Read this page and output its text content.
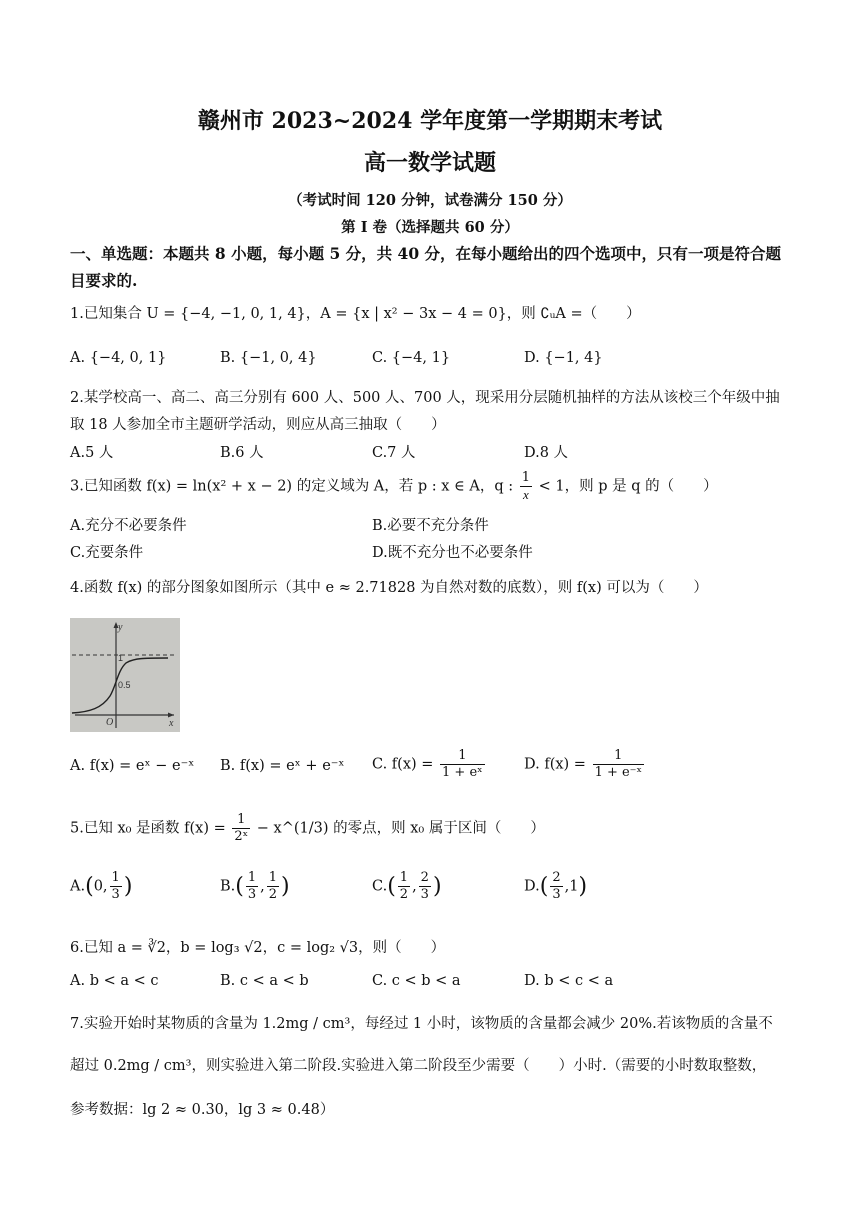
赣州市 2023~2024 学年度第一学期期末考试
高一数学试题
（考试时间 120 分钟，试卷满分 150 分）
第 I 卷（选择题共 60 分）
一、单选题：本题共 8 小题，每小题 5 分，共 40 分，在每小题给出的四个选项中，只有一项是符合题目要求的.
1.已知集合 U = {−4, −1, 0, 1, 4}，A = {x | x² − 3x − 4 = 0}，则 ∁ᵤA =（　　）
A. {−4, 0, 1}	B. {−1, 0, 4}	C. {−4, 1}	D. {−1, 4}
2.某学校高一、高二、高三分别有 600 人、500 人、700 人，现采用分层随机抽样的方法从该校三个年级中抽
取 18 人参加全市主题研学活动，则应从高三抽取（　　）
A.5 人	B.6 人	C.7 人	D.8 人
3.已知函数 f(x) = ln(x² + x − 2) 的定义域为 A，若 p : x ∈ A，q : $\frac{1}{x} < 1$，则 p 是 q 的（　　）
A.充分不必要条件	B.必要不充分条件
C.充要条件	D.既不充分也不必要条件
4.函数 f(x) 的部分图象如图所示（其中 e ≈ 2.71828 为自然对数的底数），则 f(x) 可以为（　　）
y
x
1
0.5
O
A. f(x) = eˣ − e⁻ˣ B. f(x) = eˣ + e⁻ˣ C. $f(x) = \frac{1}{\text{1 + eˣ}}$	D. $f(x) = \frac{1}{\text{1 + e⁻ˣ}}$
5.已知 x₀ 是函数 $f(x) = \frac{1}{\text{2ˣ}}$ − x^(1/3) 的零点，则 x₀ 属于区间（　　）
A.(0, $\frac{1}{3}$ )	$B.( \frac{1}{3}$ , $\frac{1}{2}$ )	$C.( \frac{1}{2}$ , $\frac{2}{3}$ )	$D.( \frac{2}{3} ,1)$
6.已知 a = ∛2，b = log₃ √2，c = log₂ √3，则（　　）
A. b < a < c	B. c < a < b	C. c < b < a	D. b < c < a
7.实验开始时某物质的含量为 1.2mg / cm³，每经过 1 小时，该物质的含量都会减少 20%.若该物质的含量不
超过 0.2mg / cm³，则实验进入第二阶段.实验进入第二阶段至少需要（　　）小时.（需要的小时数取整数，
参考数据：lg 2 ≈ 0.30，lg 3 ≈ 0.48）
